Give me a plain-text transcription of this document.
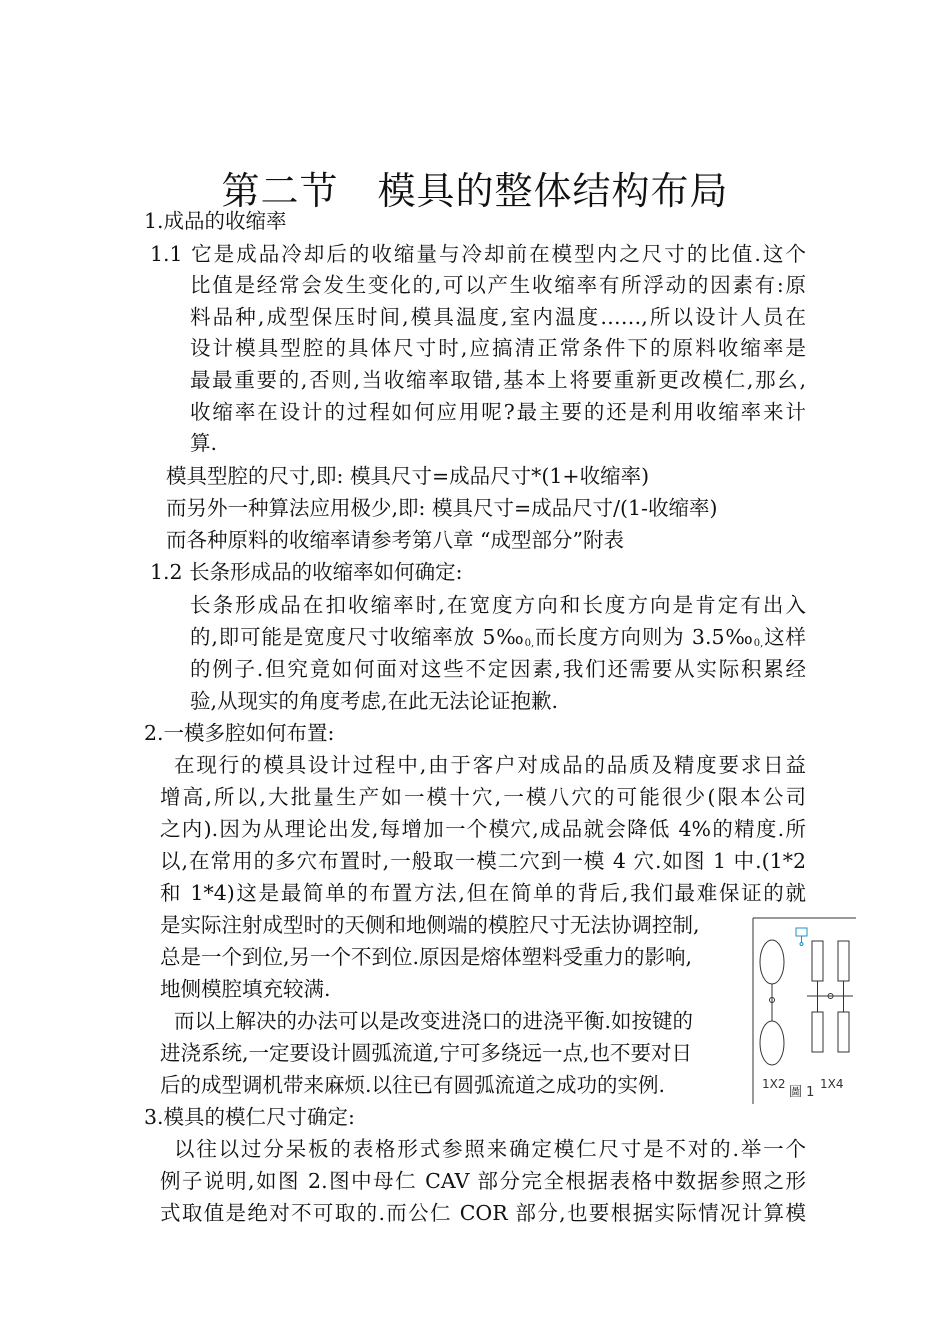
第二节　模具的整体结构布局
1.成品的收缩率
1.1 它是成品冷却后的收缩量与冷却前在模型内之尺寸的比值.这个
比值是经常会发生变化的,可以产生收缩率有所浮动的因素有:原
料品种,成型保压时间,模具温度,室内温度……,所以设计人员在
设计模具型腔的具体尺寸时,应搞清正常条件下的原料收缩率是
最最重要的,否则,当收缩率取错,基本上将要重新更改模仁,那幺,
收缩率在设计的过程如何应用呢?最主要的还是利用收缩率来计
算.
模具型腔的尺寸,即: 模具尺寸=成品尺寸*(1+收缩率)
而另外一种算法应用极少,即: 模具尺寸=成品尺寸/(1-收缩率)
而各种原料的收缩率请参考第八章 “成型部分”附表
1.2 长条形成品的收缩率如何确定:
长条形成品在扣收缩率时,在宽度方向和长度方向是肯定有出入
的,即可能是宽度尺寸收缩率放 $5‰_{0,}$而长度方向则为 $3.5‰_{0,}$这样
的例子.但究竟如何面对这些不定因素,我们还需要从实际积累经
验,从现实的角度考虑,在此无法论证抱歉.
2.一模多腔如何布置:
在现行的模具设计过程中,由于客户对成品的品质及精度要求日益
增高,所以,大批量生产如一模十穴,一模八穴的可能很少(限本公司
之内).因为从理论出发,每增加一个模穴,成品就会降低 4%的精度.所
以,在常用的多穴布置时,一般取一模二穴到一模 4 穴.如图 1 中.(1*2
和 1*4)这是最简单的布置方法,但在简单的背后,我们最难保证的就
是实际注射成型时的天侧和地侧端的模腔尺寸无法协调控制,
总是一个到位,另一个不到位.原因是熔体塑料受重力的影响,
地侧模腔填充较满.
而以上解决的办法可以是改变进浇口的进浇平衡.如按键的
进浇系统,一定要设计圆弧流道,宁可多绕远一点,也不要对日
后的成型调机带来麻烦.以往已有圆弧流道之成功的实例.
3.模具的模仁尺寸确定:
以往以过分呆板的表格形式参照来确定模仁尺寸是不对的.举一个
例子说明,如图 2.图中母仁 CAV 部分完全根据表格中数据参照之形
式取值是绝对不可取的.而公仁 COR 部分,也要根据实际情况计算模
1X2
圖 1
1X4
